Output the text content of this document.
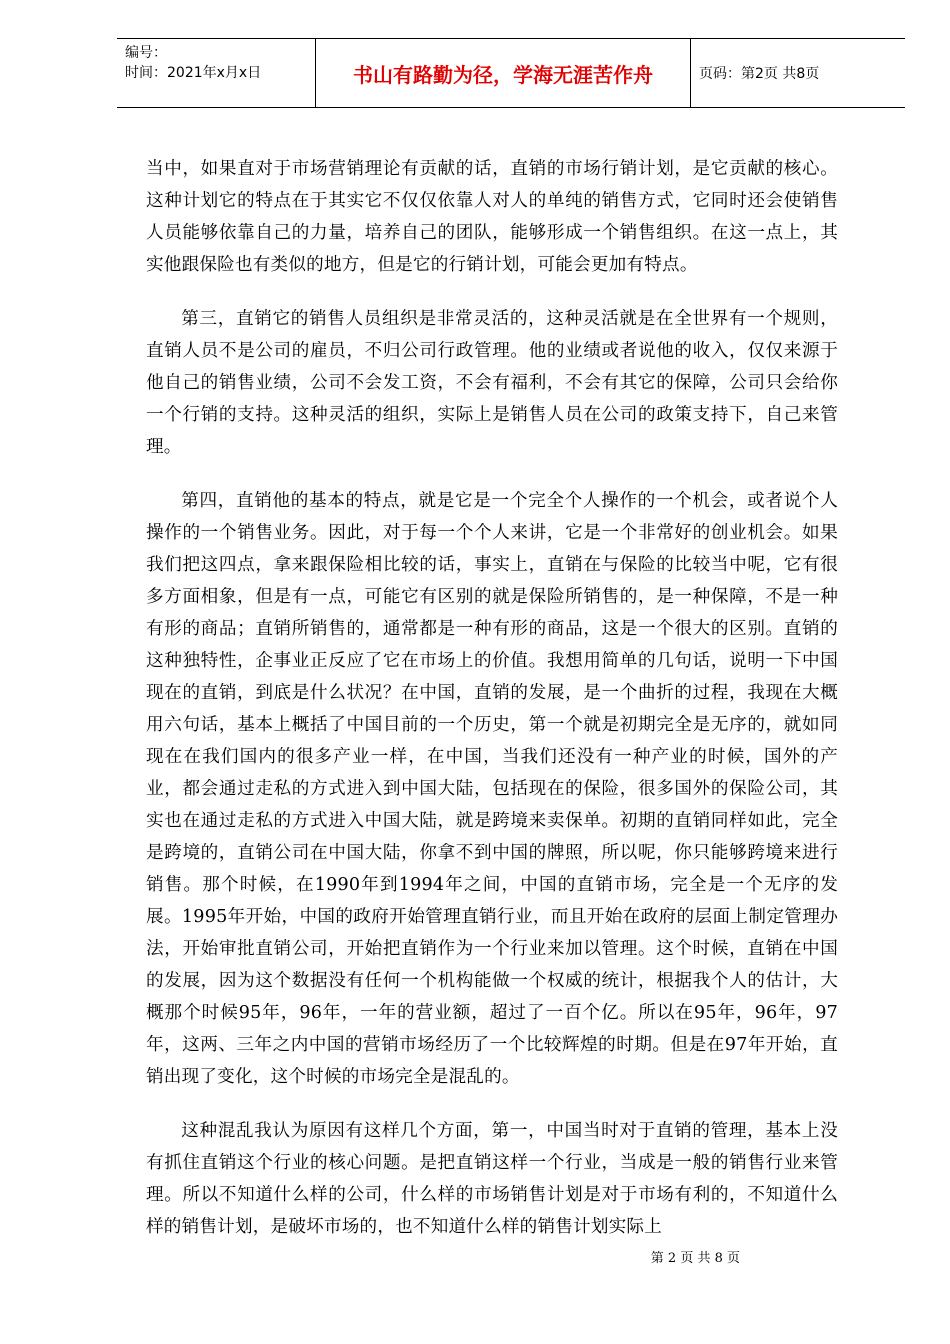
编号：
时间：2021年x月x日	书山有路勤为径，学海无涯苦作舟	页码：第2页 共8页

当中，如果直对于市场营销理论有贡献的话，直销的市场行销计划，是它贡献的核心。这种计划它的特点在于其实它不仅仅依靠人对人的单纯的销售方式，它同时还会使销售人员能够依靠自己的力量，培养自己的团队，能够形成一个销售组织。在这一点上，其实他跟保险也有类似的地方，但是它的行销计划，可能会更加有特点。

第三，直销它的销售人员组织是非常灵活的，这种灵活就是在全世界有一个规则，直销人员不是公司的雇员，不归公司行政管理。他的业绩或者说他的收入，仅仅来源于他自己的销售业绩，公司不会发工资，不会有福利，不会有其它的保障，公司只会给你一个行销的支持。这种灵活的组织，实际上是销售人员在公司的政策支持下，自己来管理。

第四，直销他的基本的特点，就是它是一个完全个人操作的一个机会，或者说个人操作的一个销售业务。因此，对于每一个个人来讲，它是一个非常好的创业机会。如果我们把这四点，拿来跟保险相比较的话，事实上，直销在与保险的比较当中呢，它有很多方面相象，但是有一点，可能它有区别的就是保险所销售的，是一种保障，不是一种有形的商品；直销所销售的，通常都是一种有形的商品，这是一个很大的区别。直销的这种独特性，企事业正反应了它在市场上的价值。我想用简单的几句话，说明一下中国现在的直销，到底是什么状况？在中国，直销的发展，是一个曲折的过程，我现在大概用六句话，基本上概括了中国目前的一个历史，第一个就是初期完全是无序的，就如同现在在我们国内的很多产业一样，在中国，当我们还没有一种产业的时候，国外的产业，都会通过走私的方式进入到中国大陆，包括现在的保险，很多国外的保险公司，其实也在通过走私的方式进入中国大陆，就是跨境来卖保单。初期的直销同样如此，完全是跨境的，直销公司在中国大陆，你拿不到中国的牌照，所以呢，你只能够跨境来进行销售。那个时候，在1990年到1994年之间，中国的直销市场，完全是一个无序的发展。1995年开始，中国的政府开始管理直销行业，而且开始在政府的层面上制定管理办法，开始审批直销公司，开始把直销作为一个行业来加以管理。这个时候，直销在中国的发展，因为这个数据没有任何一个机构能做一个权威的统计，根据我个人的估计，大概那个时候95年，96年，一年的营业额，超过了一百个亿。所以在95年，96年，97年，这两、三年之内中国的营销市场经历了一个比较辉煌的时期。但是在97年开始，直销出现了变化，这个时候的市场完全是混乱的。

这种混乱我认为原因有这样几个方面，第一，中国当时对于直销的管理，基本上没有抓住直销这个行业的核心问题。是把直销这样一个行业，当成是一般的销售行业来管理。所以不知道什么样的公司，什么样的市场销售计划是对于市场有利的，不知道什么样的销售计划，是破坏市场的，也不知道什么样的销售计划实际上

第 2 页 共 8 页
